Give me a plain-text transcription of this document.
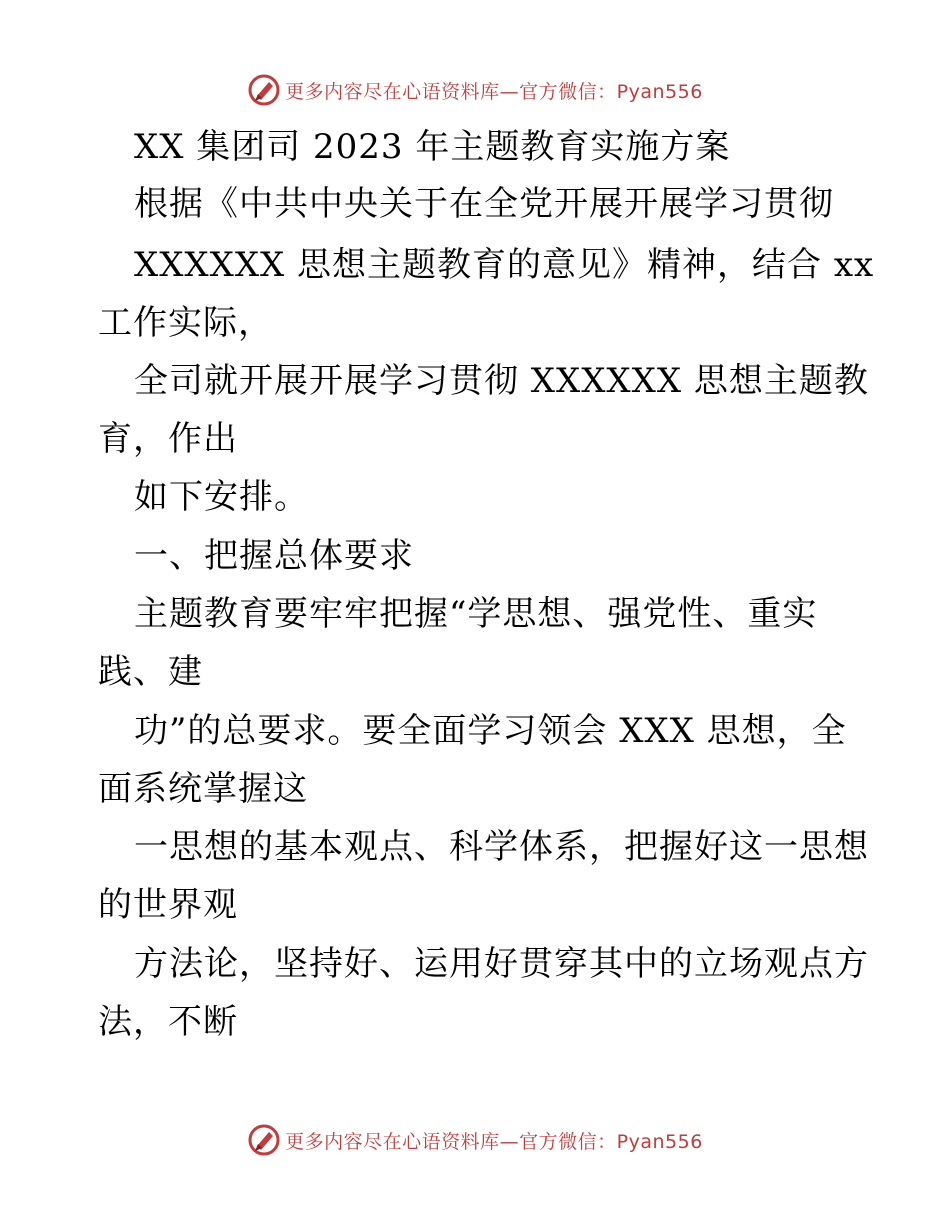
更多内容尽在心语资料库—官方微信：Pyan556
XX 集团司 2023 年主题教育实施方案
根据《中共中央关于在全党开展开展学习贯彻
XXXXXX 思想主题教育的意见》精神，结合 xx
工作实际，
全司就开展开展学习贯彻 XXXXXX 思想主题教
育，作出
如下安排。
一、把握总体要求
主题教育要牢牢把握“学思想、强党性、重实
践、建
功”的总要求。要全面学习领会 XXX 思想，全
面系统掌握这
一思想的基本观点、科学体系，把握好这一思想
的世界观
方法论，坚持好、运用好贯穿其中的立场观点方
法，不断
更多内容尽在心语资料库—官方微信：Pyan556
